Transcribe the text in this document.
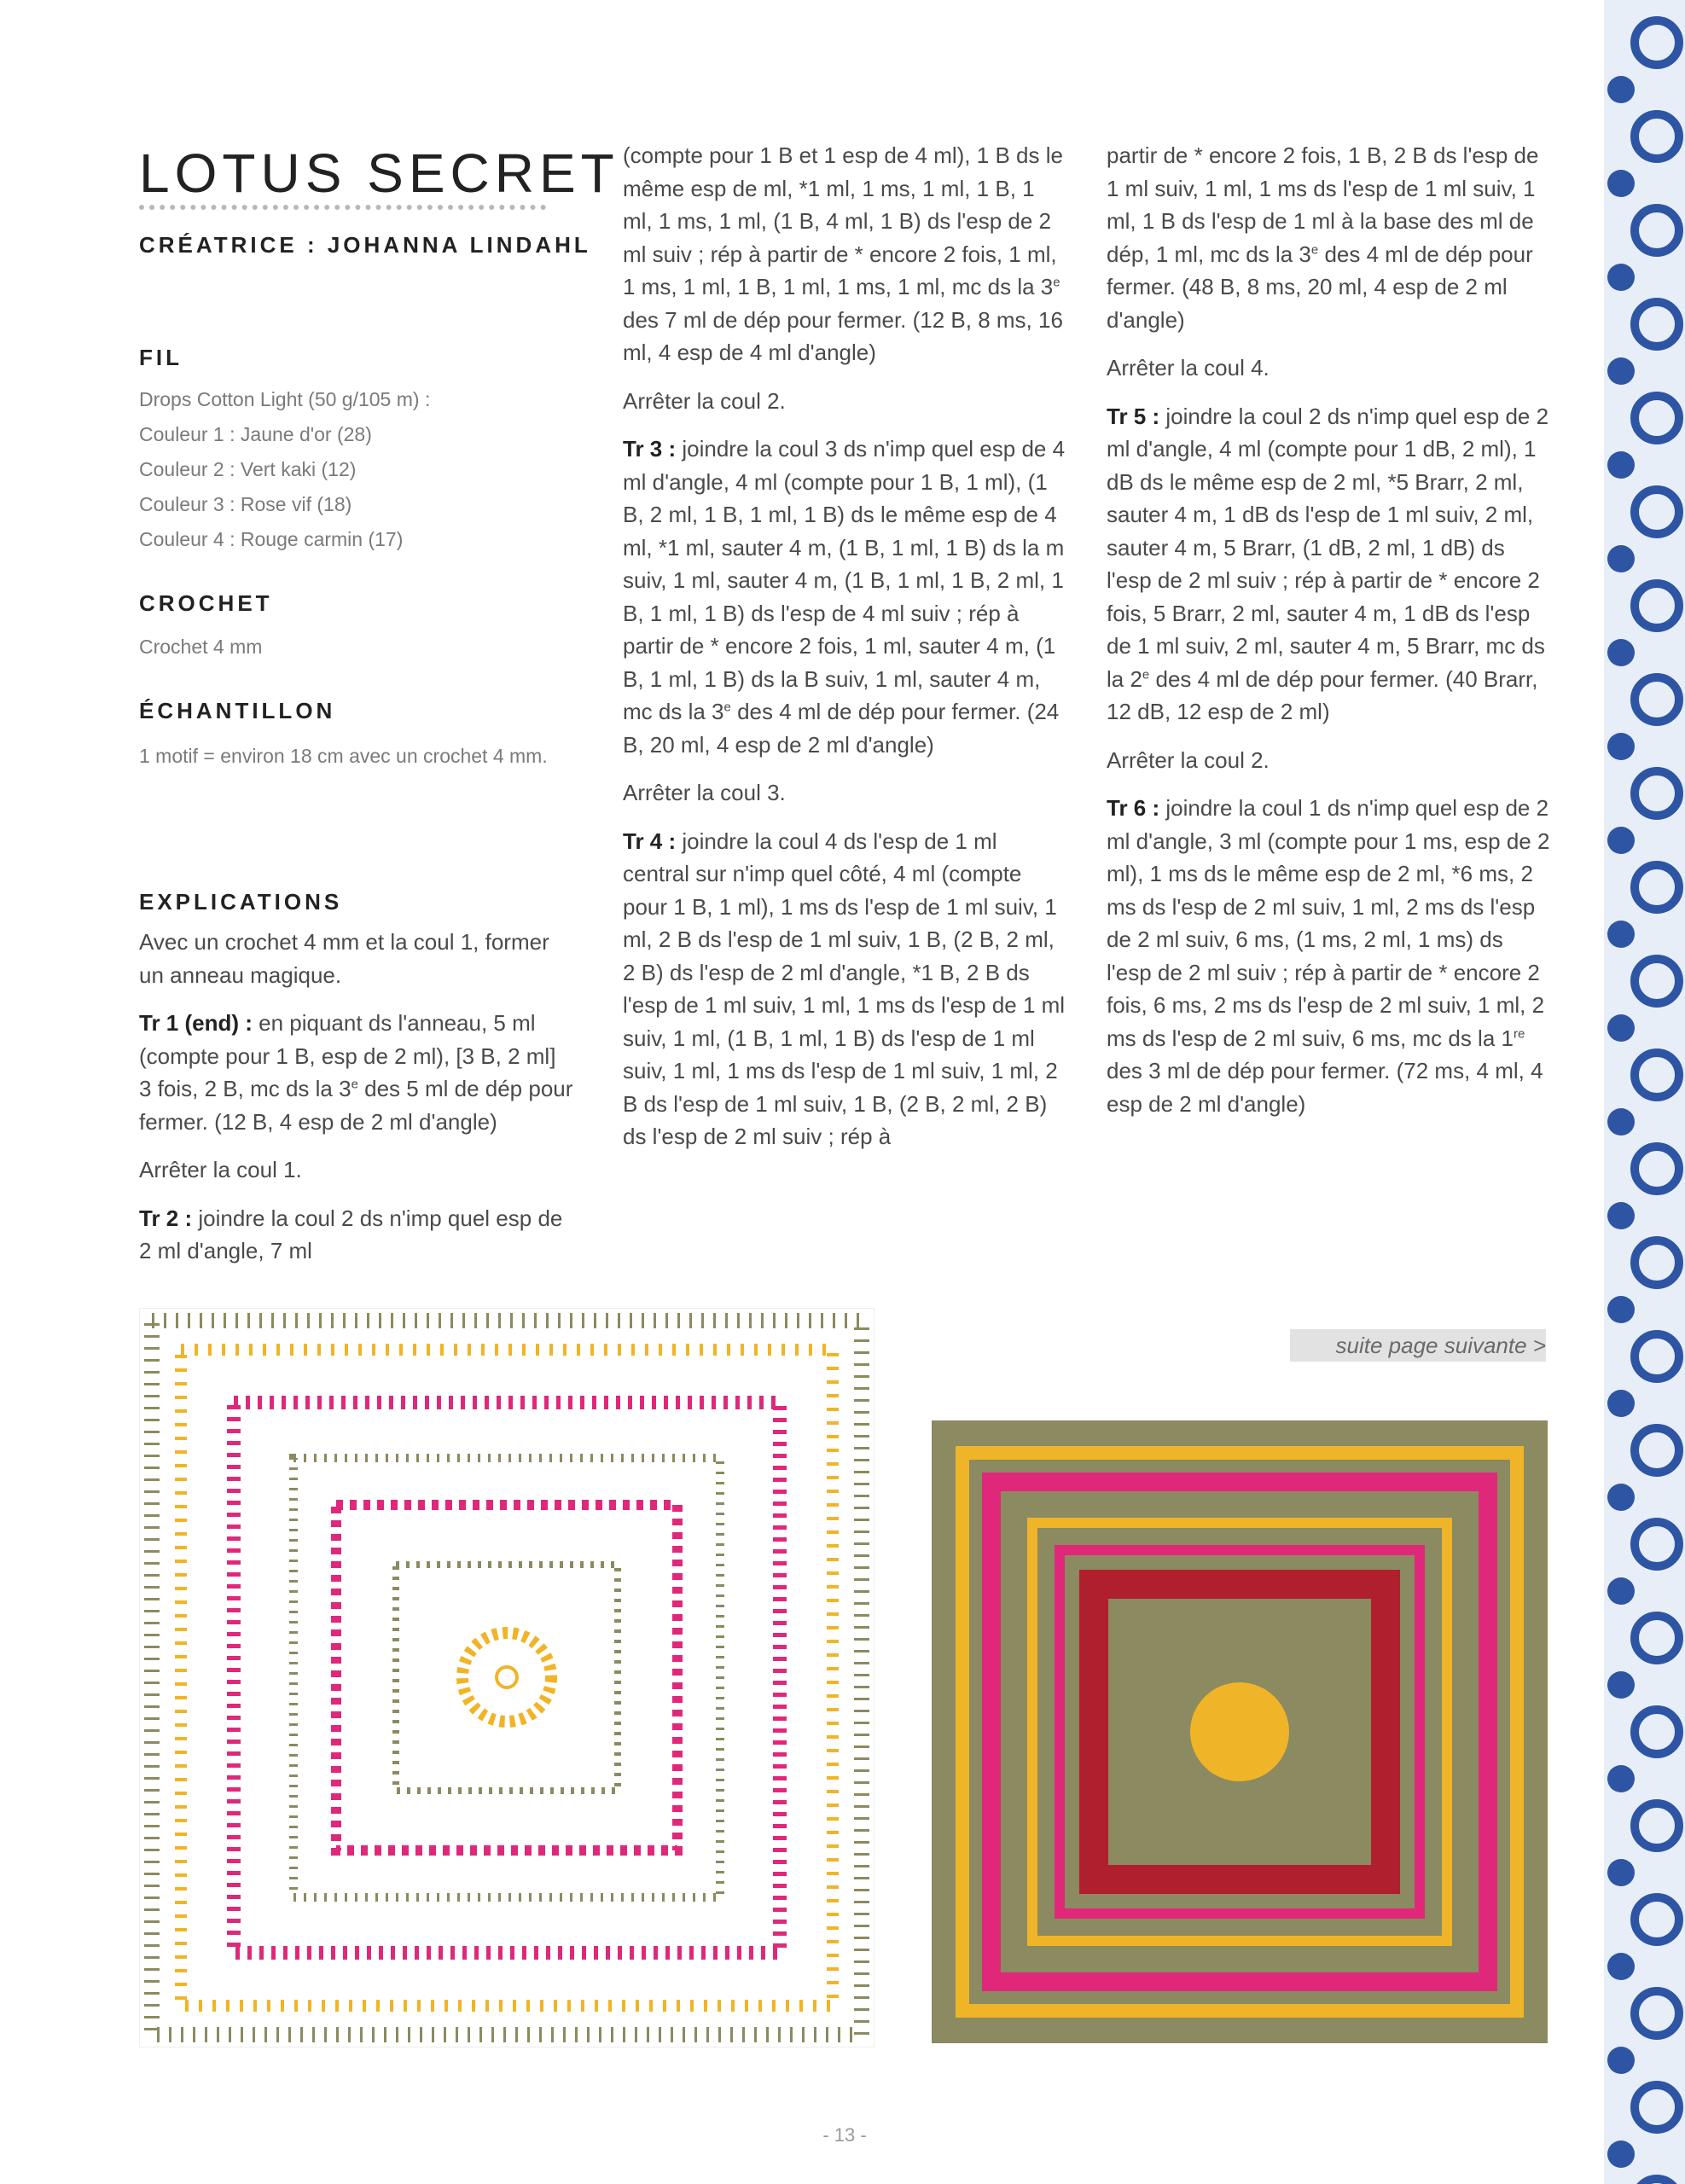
LOTUS SECRET
CRÉATRICE : JOHANNA LINDAHL
FIL
Drops Cotton Light (50 g/105 m) :
Couleur 1 : Jaune d'or (28)
Couleur 2 : Vert kaki (12)
Couleur 3 : Rose vif (18)
Couleur 4 : Rouge carmin (17)
CROCHET
Crochet 4 mm
ÉCHANTILLON
1 motif = environ 18 cm avec un crochet 4 mm.
EXPLICATIONS

Avec un crochet 4 mm et la coul 1, former un anneau magique.

Tr 1 (end) : en piquant ds l'anneau, 5 ml (compte pour 1 B, esp de 2 ml), [3 B, 2 ml] 3 fois, 2 B, mc ds la 3e des 5 ml de dép pour fermer. (12 B, 4 esp de 2 ml d'angle)

Arrêter la coul 1.

Tr 2 : joindre la coul 2 ds n'imp quel esp de 2 ml d'angle, 7 ml

(compte pour 1 B et 1 esp de 4 ml), 1 B ds le même esp de ml, *1 ml, 1 ms, 1 ml, 1 B, 1 ml, 1 ms, 1 ml, (1 B, 4 ml, 1 B) ds l'esp de 2 ml suiv ; rép à partir de * encore 2 fois, 1 ml, 1 ms, 1 ml, 1 B, 1 ml, 1 ms, 1 ml, mc ds la 3e des 7 ml de dép pour fermer. (12 B, 8 ms, 16 ml, 4 esp de 4 ml d'angle)

Arrêter la coul 2.

Tr 3 : joindre la coul 3 ds n'imp quel esp de 4 ml d'angle, 4 ml (compte pour 1 B, 1 ml), (1 B, 2 ml, 1 B, 1 ml, 1 B) ds le même esp de 4 ml, *1 ml, sauter 4 m, (1 B, 1 ml, 1 B) ds la m suiv, 1 ml, sauter 4 m, (1 B, 1 ml, 1 B, 2 ml, 1 B, 1 ml, 1 B) ds l'esp de 4 ml suiv ; rép à partir de * encore 2 fois, 1 ml, sauter 4 m, (1 B, 1 ml, 1 B) ds la B suiv, 1 ml, sauter 4 m, mc ds la 3e des 4 ml de dép pour fermer. (24 B, 20 ml, 4 esp de 2 ml d'angle)

Arrêter la coul 3.

Tr 4 : joindre la coul 4 ds l'esp de 1 ml central sur n'imp quel côté, 4 ml (compte pour 1 B, 1 ml), 1 ms ds l'esp de 1 ml suiv, 1 ml, 2 B ds l'esp de 1 ml suiv, 1 B, (2 B, 2 ml, 2 B) ds l'esp de 2 ml d'angle, *1 B, 2 B ds l'esp de 1 ml suiv, 1 ml, 1 ms ds l'esp de 1 ml suiv, 1 ml, (1 B, 1 ml, 1 B) ds l'esp de 1 ml suiv, 1 ml, 1 ms ds l'esp de 1 ml suiv, 1 ml, 2 B ds l'esp de 1 ml suiv, 1 B, (2 B, 2 ml, 2 B) ds l'esp de 2 ml suiv ; rép à

partir de * encore 2 fois, 1 B, 2 B ds l'esp de 1 ml suiv, 1 ml, 1 ms ds l'esp de 1 ml suiv, 1 ml, 1 B ds l'esp de 1 ml à la base des ml de dép, 1 ml, mc ds la 3e des 4 ml de dép pour fermer. (48 B, 8 ms, 20 ml, 4 esp de 2 ml d'angle)

Arrêter la coul 4.

Tr 5 : joindre la coul 2 ds n'imp quel esp de 2 ml d'angle, 4 ml (compte pour 1 dB, 2 ml), 1 dB ds le même esp de 2 ml, *5 Brarr, 2 ml, sauter 4 m, 1 dB ds l'esp de 1 ml suiv, 2 ml, sauter 4 m, 5 Brarr, (1 dB, 2 ml, 1 dB) ds l'esp de 2 ml suiv ; rép à partir de * encore 2 fois, 5 Brarr, 2 ml, sauter 4 m, 1 dB ds l'esp de 1 ml suiv, 2 ml, sauter 4 m, 5 Brarr, mc ds la 2e des 4 ml de dép pour fermer. (40 Brarr, 12 dB, 12 esp de 2 ml)

Arrêter la coul 2.

Tr 6 : joindre la coul 1 ds n'imp quel esp de 2 ml d'angle, 3 ml (compte pour 1 ms, esp de 2 ml), 1 ms ds le même esp de 2 ml, *6 ms, 2 ms ds l'esp de 2 ml suiv, 1 ml, 2 ms ds l'esp de 2 ml suiv, 6 ms, (1 ms, 2 ml, 1 ms) ds l'esp de 2 ml suiv ; rép à partir de * encore 2 fois, 6 ms, 2 ms ds l'esp de 2 ml suiv, 1 ml, 2 ms ds l'esp de 2 ml suiv, 6 ms, mc ds la 1re des 3 ml de dép pour fermer. (72 ms, 4 ml, 4 esp de 2 ml d'angle)

suite page suivante >
- 13 -
